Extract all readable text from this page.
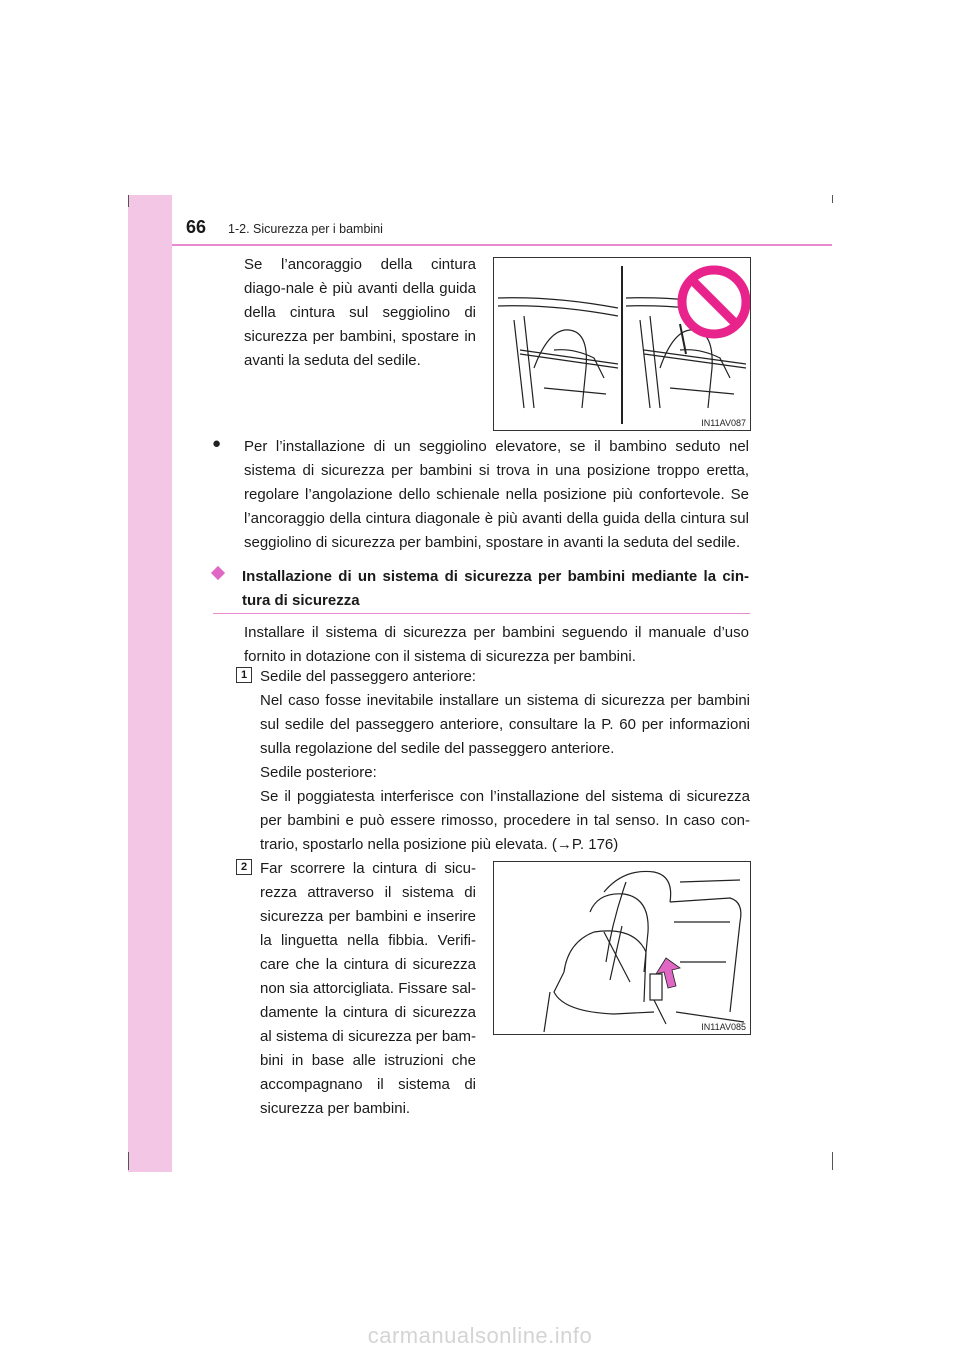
66 1-2. Sicurezza per i bambini

Se l’ancoraggio della cintura diago-nale è più avanti della guida della cintura sul seggiolino di sicurezza per bambini, spostare in avanti la seduta del sedile.

IN11AV087
● Per l’installazione di un seggiolino elevatore, se il bambino seduto nel sistema di sicurezza per bambini si trova in una posizione troppo eretta, regolare l’angolazione dello schienale nella posizione più confortevole. Se l’ancoraggio della cintura diagonale è più avanti della guida della cintura sul seggiolino di sicurezza per bambini, spostare in avanti la seduta del sedile.

Installazione di un sistema di sicurezza per bambini mediante la cin-tura di sicurezza

Installare il sistema di sicurezza per bambini seguendo il manuale d’uso fornito in dotazione con il sistema di sicurezza per bambini.

1 Sedile del passeggero anteriore:

Nel caso fosse inevitabile installare un sistema di sicurezza per bambini sul sedile del passeggero anteriore, consultare la P. 60 per informazioni sulla regolazione del sedile del passeggero anteriore.

Sedile posteriore:

Se il poggiatesta interferisce con l’installazione del sistema di sicurezza per bambini e può essere rimosso, procedere in tal senso. In caso con-trario, spostarlo nella posizione più elevata. (→P. 176)

2 Far scorrere la cintura di sicu-rezza attraverso il sistema di sicurezza per bambini e inserire la linguetta nella fibbia. Verifi-care che la cintura di sicurezza non sia attorcigliata. Fissare sal-damente la cintura di sicurezza al sistema di sicurezza per bam-bini in base alle istruzioni che accompagnano il sistema di sicurezza per bambini.

IN11AV085
carmanualsonline.info
